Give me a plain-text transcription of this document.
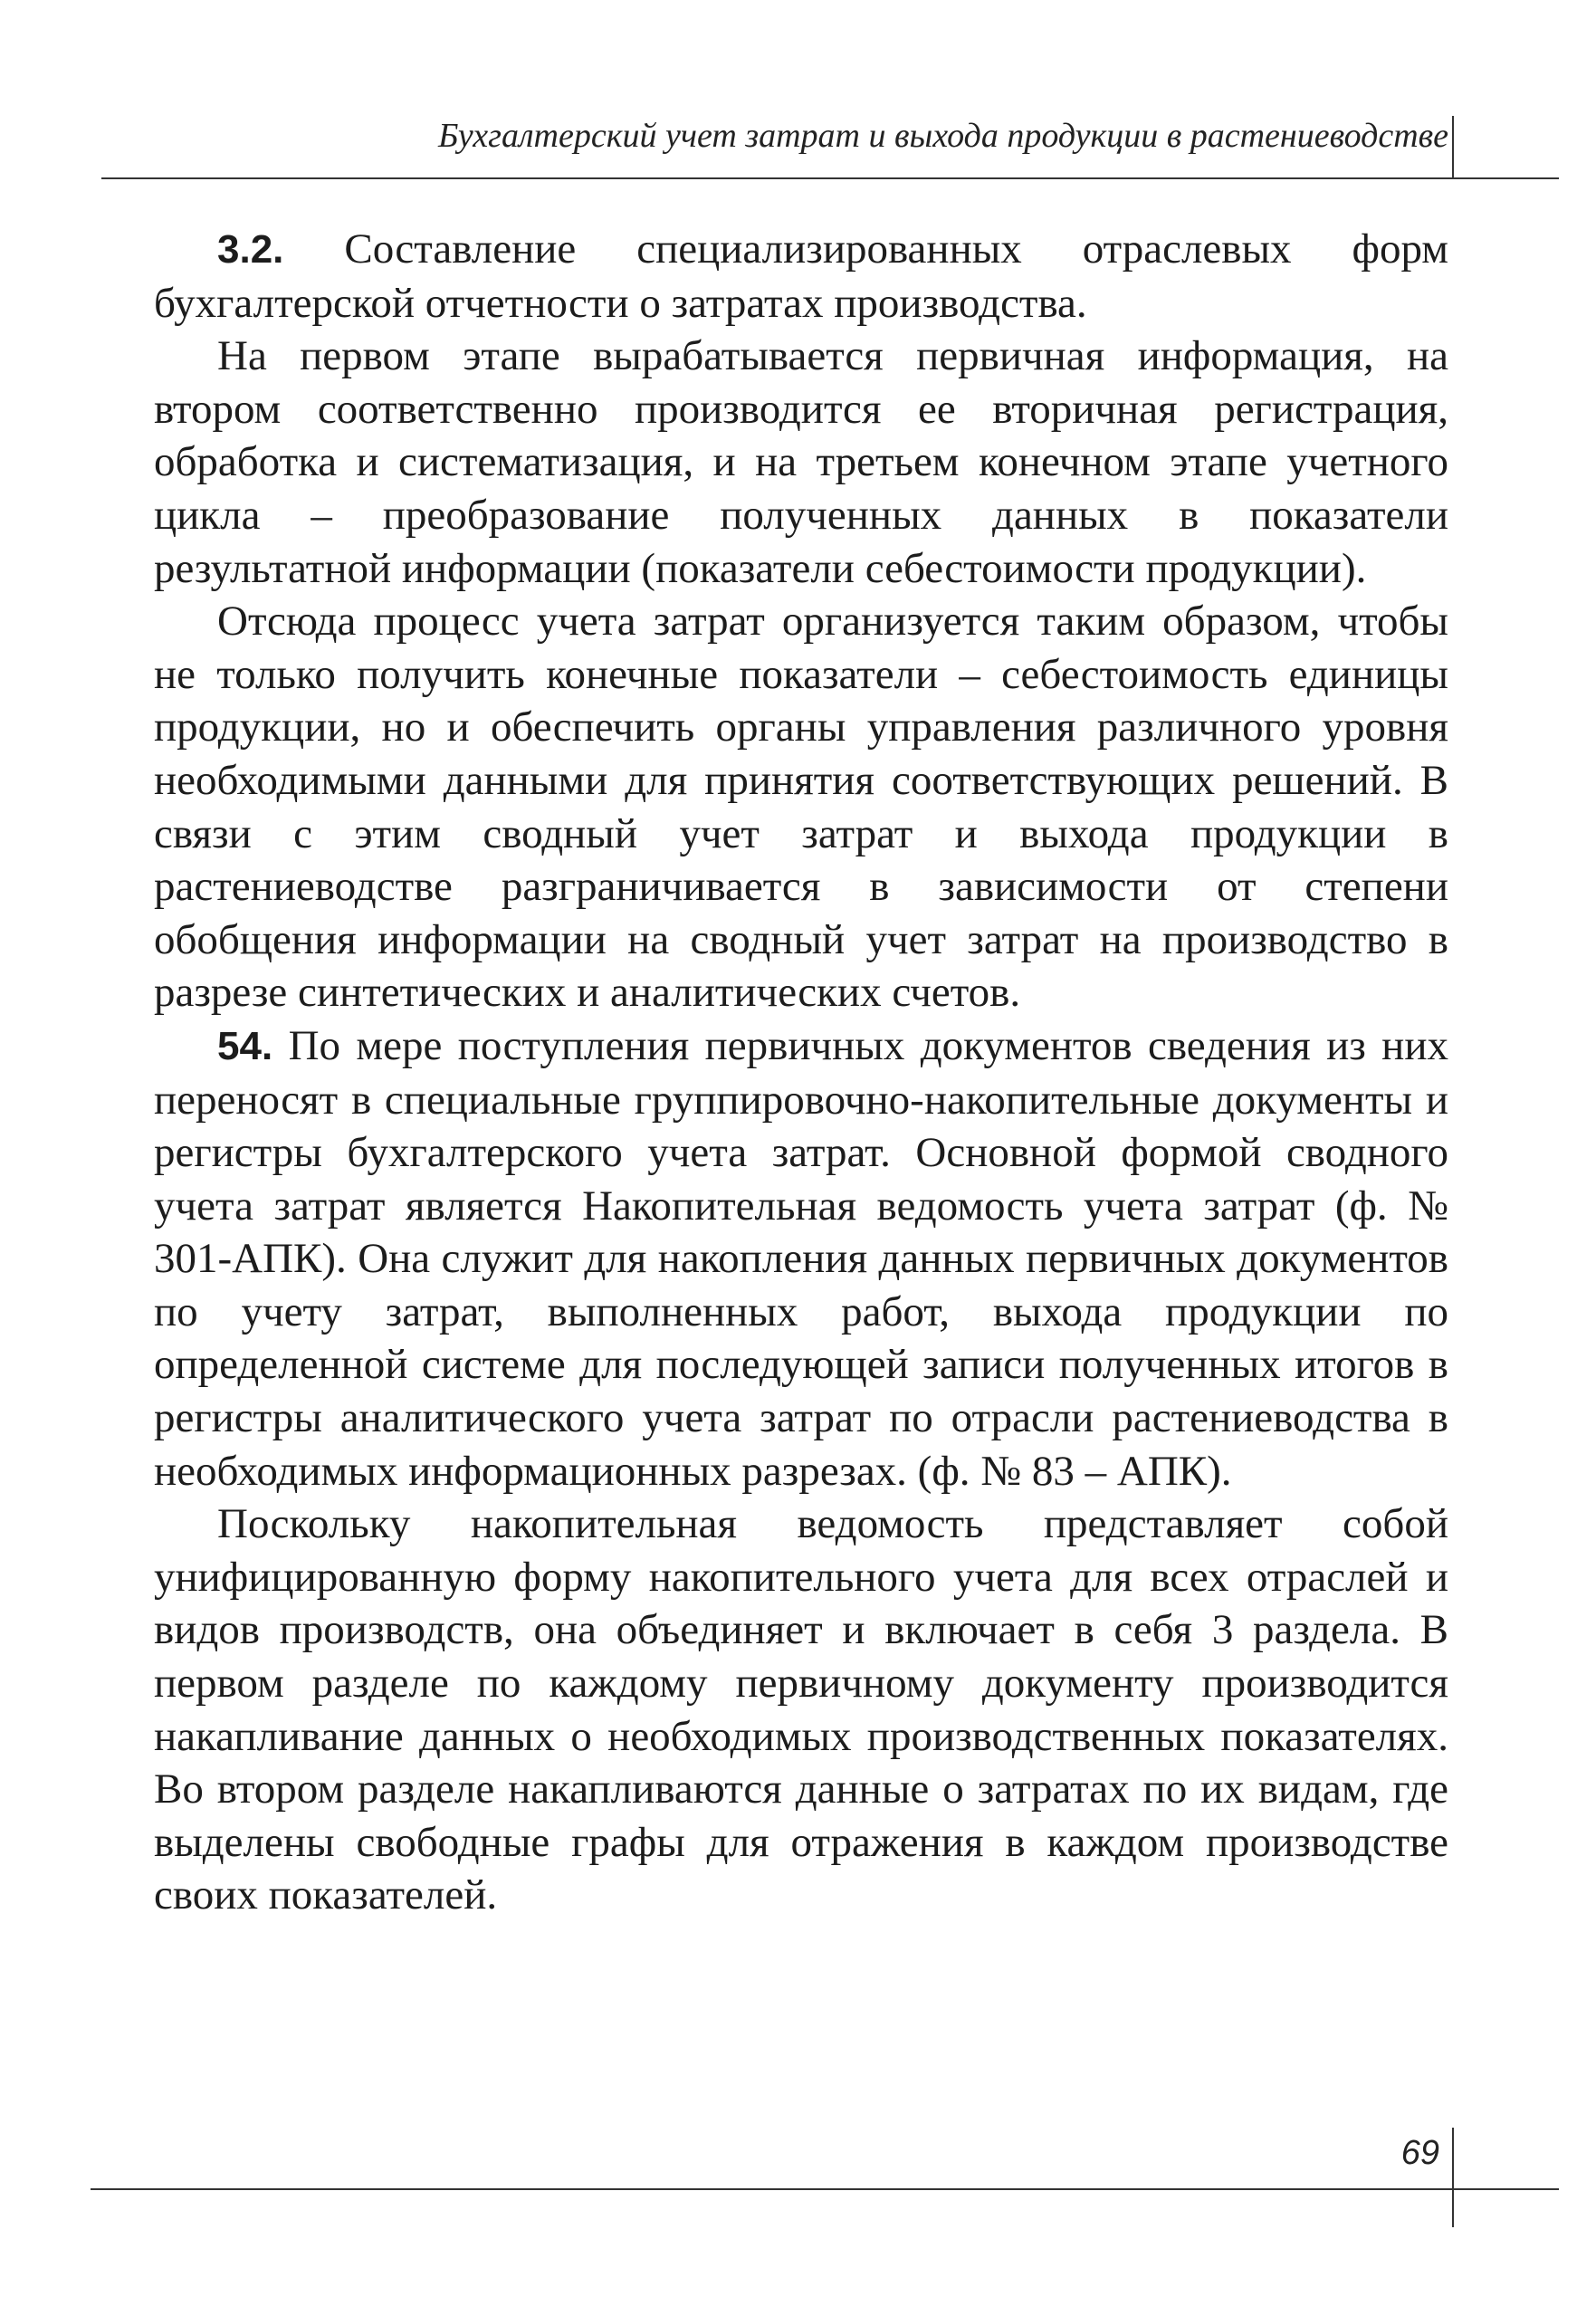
Бухгалтерский учет затрат и выхода продукции в растениеводстве

3.2. Составление специализированных отраслевых форм бухгалтерской отчетности о затратах производства.

На первом этапе вырабатывается первичная информация, на втором соответственно производится ее вторичная регистрация, обработка и систематизация, и на третьем конечном этапе учетного цикла – преобразование полученных данных в показатели результатной информации (показатели себестоимости продукции).

Отсюда процесс учета затрат организуется таким образом, чтобы не только получить конечные показатели – себестоимость единицы продукции, но и обеспечить органы управления различного уровня необходимыми данными для принятия соответствующих решений. В связи с этим сводный учет затрат и выхода продукции в растениеводстве разграничивается в зависимости от степени обобщения информации на сводный учет затрат на производство в разрезе синтетических и аналитических счетов.

54. По мере поступления первичных документов сведения из них переносят в специальные группировочно-накопительные документы и регистры бухгалтерского учета затрат. Основной формой сводного учета затрат является Накопительная ведомость учета затрат (ф. № 301-АПК). Она служит для накопления данных первичных документов по учету затрат, выполненных работ, выхода продукции по определенной системе для последующей записи полученных итогов в регистры аналитического учета затрат по отрасли растениеводства в необходимых информационных разрезах. (ф. № 83 – АПК).

Поскольку накопительная ведомость представляет собой унифицированную форму накопительного учета для всех отраслей и видов производств, она объединяет и включает в себя 3 раздела. В первом разделе по каждому первичному документу производится накапливание данных о необходимых производственных показателях. Во втором разделе накапливаются данные о затратах по их видам, где выделены свободные графы для отражения в каждом производстве своих показателей.

69
